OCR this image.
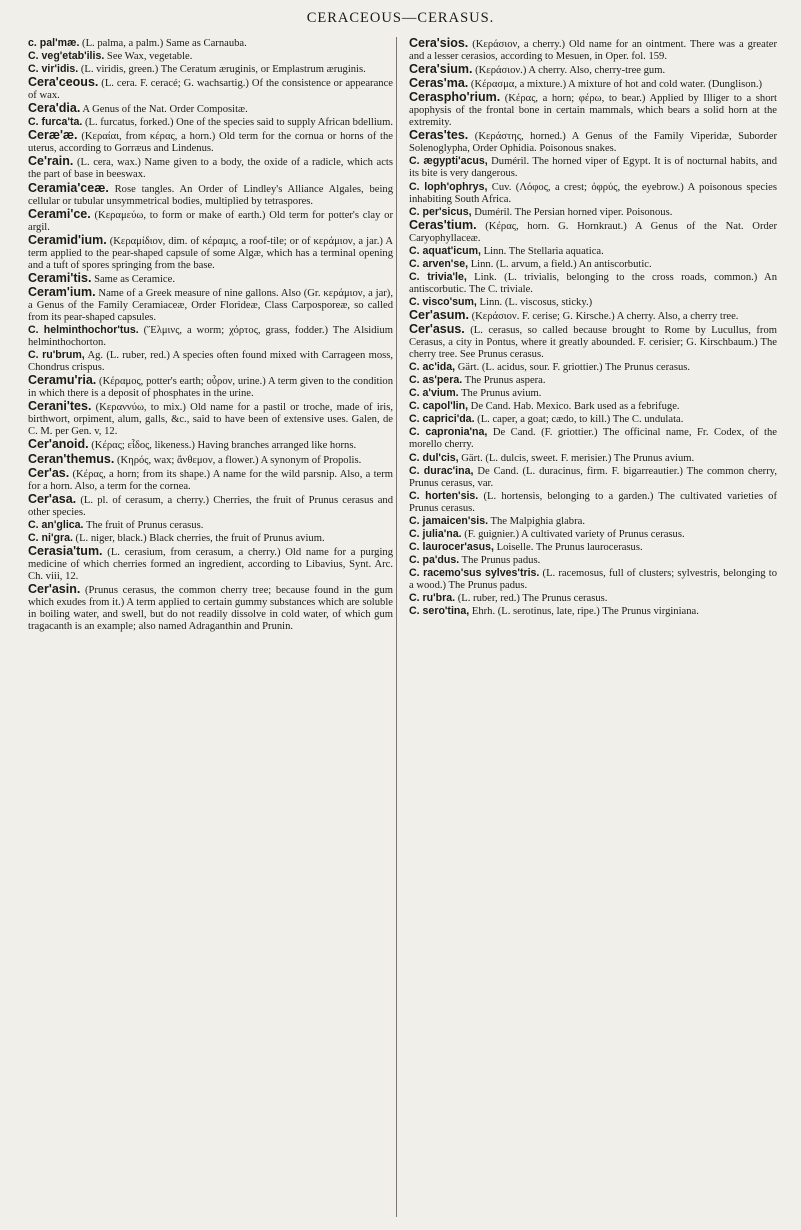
CERACEOUS—CERASUS.

c. pal'mæ. (L. palma, a palm.) Same as Carnauba.

C. veg'etab'ilis. See Wax, vegetable.

C. vir'idis. (L. viridis, green.) The Ceratum æruginis, or Emplastrum æruginis.

Cera'ceous. (L. cera. F. ceracé; G. wachsartig.) Of the consistence or appearance of wax.

Cera'dia. A Genus of the Nat. Order Compositæ.

C. furca'ta. (L. furcatus, forked.) One of the species said to supply African bdellium.

Ceræ'æ. (Κεραίαι, from κέρας, a horn.) Old term for the cornua or horns of the uterus, according to Gorræus and Lindenus.

Ce'rain. (L. cera, wax.) Name given to a body, the oxide of a radicle, which acts the part of base in beeswax.

Ceramia'ceæ. Rose tangles. An Order of Lindley's Alliance Algales, being cellular or tubular unsymmetrical bodies, multiplied by tetraspores.

Cerami'ce. (Κεραμεύω, to form or make of earth.) Old term for potter's clay or argil.

Ceramid'ium. (Κεραμίδιον, dim. of κέραμις, a roof-tile; or of κεράμιον, a jar.) A term applied to the pear-shaped capsule of some Algæ, which has a terminal opening and a tuft of spores springing from the base.

Cerami'tis. Same as Ceramice.

Ceram'ium. Name of a Greek measure of nine gallons. Also (Gr. κεράμιον, a jar), a Genus of the Family Ceramiaceæ, Order Florideæ, Class Carposporeæ, so called from its pear-shaped capsules.

C. helminthochor'tus. (Ἕλμινς, a worm; χόρτος, grass, fodder.) The Alsidium helminthochorton.

C. ru'brum, Ag. (L. ruber, red.) A species often found mixed with Carrageen moss, Chondrus crispus.

Ceramu'ria. (Κέραμος, potter's earth; οὖρον, urine.) A term given to the condition in which there is a deposit of phosphates in the urine.

Cerani'tes. (Κεραννύω, to mix.) Old name for a pastil or troche, made of iris, birthwort, orpiment, alum, galls, &c., said to have been of extensive uses. Galen, de C. M. per Gen. v, 12.

Cer'anoid. (Κέρας; εἶδος, likeness.) Having branches arranged like horns.

Ceran'themus. (Κηρός, wax; ἄνθεμον, a flower.) A synonym of Propolis.

Cer'as. (Κέρας, a horn; from its shape.) A name for the wild parsnip. Also, a term for a horn. Also, a term for the cornea.

Cer'asa. (L. pl. of cerasum, a cherry.) Cherries, the fruit of Prunus cerasus and other species.

C. an'glica. The fruit of Prunus cerasus.

C. ni'gra. (L. niger, black.) Black cherries, the fruit of Prunus avium.

Cerasia'tum. (L. cerasium, from cerasum, a cherry.) Old name for a purging medicine of which cherries formed an ingredient, according to Libavius, Synt. Arc. Ch. viii, 12.

Cer'asin. (Prunus cerasus, the common cherry tree; because found in the gum which exudes from it.) A term applied to certain gummy substances which are soluble in boiling water, and swell, but do not readily dissolve in cold water, of which gum tragacanth is an example; also named Adraganthin and Prunin.

Cera'sios. (Κεράσιον, a cherry.) Old name for an ointment. There was a greater and a lesser cerasios, according to Mesuen, in Oper. fol. 159.

Cera'sium. (Κεράσιον.) A cherry. Also, cherry-tree gum.

Ceras'ma. (Κέρασμα, a mixture.) A mixture of hot and cold water. (Dunglison.)

Ceraspho'rium. (Κέρας, a horn; φέρω, to bear.) Applied by Illiger to a short apophysis of the frontal bone in certain mammals, which bears a solid horn at the extremity.

Ceras'tes. (Κεράστης, horned.) A Genus of the Family Viperidæ, Suborder Solenoglypha, Order Ophidia. Poisonous snakes.

C. ægypti'acus, Duméril. The horned viper of Egypt. It is of nocturnal habits, and its bite is very dangerous.

C. loph'ophrys, Cuv. (Λόφος, a crest; ὀφρύς, the eyebrow.) A poisonous species inhabiting South Africa.

C. per'sicus, Duméril. The Persian horned viper. Poisonous.

Ceras'tium. (Κέρας, horn. G. Hornkraut.) A Genus of the Nat. Order Caryophyllaceæ.

C. aquat'icum, Linn. The Stellaria aquatica.

C. arven'se, Linn. (L. arvum, a field.) An antiscorbutic.

C. trivia'le, Link. (L. trivialis, belonging to the cross roads, common.) An antiscorbutic. The C. triviale.

C. visco'sum, Linn. (L. viscosus, sticky.)

Cer'asum. (Κεράσιον. F. cerise; G. Kirsche.) A cherry. Also, a cherry tree.

Cer'asus. (L. cerasus, so called because brought to Rome by Lucullus, from Cerasus, a city in Pontus, where it greatly abounded. F. cerisier; G. Kirschbaum.) The cherry tree. See Prunus cerasus.

C. ac'ida, Gärt. (L. acidus, sour. F. griottier.) The Prunus cerasus.

C. as'pera. The Prunus aspera.

C. a'vium. The Prunus avium.

C. capol'lin, De Cand. Hab. Mexico. Bark used as a febrifuge.

C. caprici'da. (L. caper, a goat; cædo, to kill.) The C. undulata.

C. capronia'na, De Cand. (F. griottier.) The officinal name, Fr. Codex, of the morello cherry.

C. dul'cis, Gärt. (L. dulcis, sweet. F. merisier.) The Prunus avium.

C. durac'ina, De Cand. (L. duracinus, firm. F. bigarreautier.) The common cherry, Prunus cerasus, var.

C. horten'sis. (L. hortensis, belonging to a garden.) The cultivated varieties of Prunus cerasus.

C. jamaicen'sis. The Malpighia glabra.

C. julia'na. (F. guignier.) A cultivated variety of Prunus cerasus.

C. laurocer'asus, Loiselle. The Prunus laurocerasus.

C. pa'dus. The Prunus padus.

C. racemo'sus sylves'tris. (L. racemosus, full of clusters; sylvestris, belonging to a wood.) The Prunus padus.

C. ru'bra. (L. ruber, red.) The Prunus cerasus.

C. sero'tina, Ehrh. (L. serotinus, late, ripe.) The Prunus virginiana.
